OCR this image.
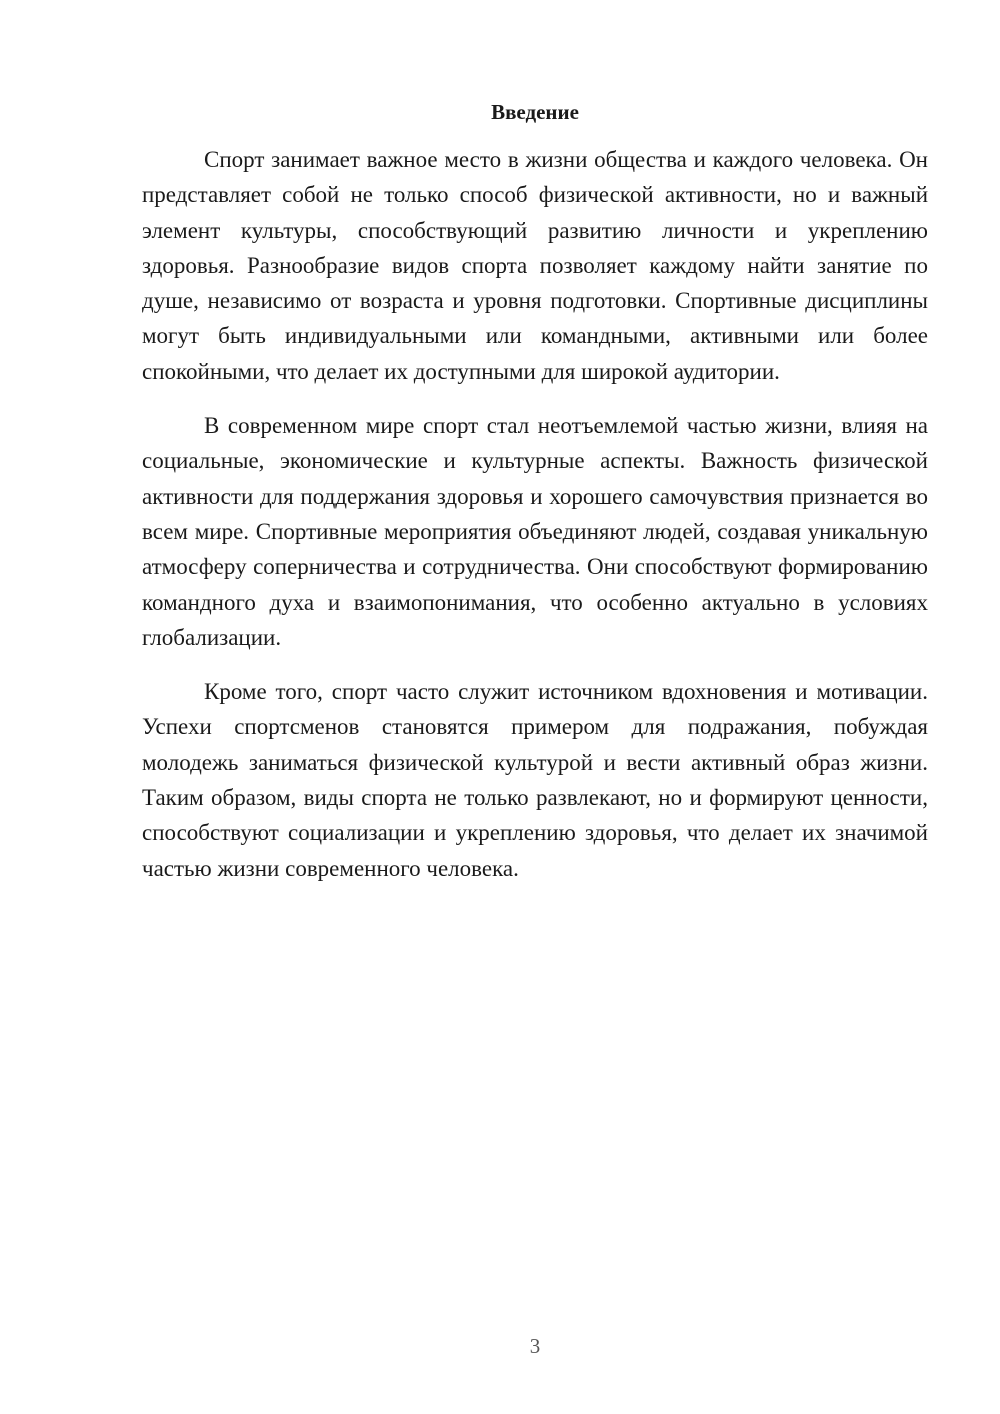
Введение

Спорт занимает важное место в жизни общества и каждого человека. Он представляет собой не только способ физической активности, но и важный элемент культуры, способствующий развитию личности и укреплению здоровья. Разнообразие видов спорта позволяет каждому найти занятие по душе, независимо от возраста и уровня подготовки. Спортивные дисциплины могут быть индивидуальными или командными, активными или более спокойными, что делает их доступными для широкой аудитории.

В современном мире спорт стал неотъемлемой частью жизни, влияя на социальные, экономические и культурные аспекты. Важность физической активности для поддержания здоровья и хорошего самочувствия признается во всем мире. Спортивные мероприятия объединяют людей, создавая уникальную атмосферу соперничества и сотрудничества. Они способствуют формированию командного духа и взаимопонимания, что особенно актуально в условиях глобализации.

Кроме того, спорт часто служит источником вдохновения и мотивации. Успехи спортсменов становятся примером для подражания, побуждая молодежь заниматься физической культурой и вести активный образ жизни. Таким образом, виды спорта не только развлекают, но и формируют ценности, способствуют социализации и укреплению здоровья, что делает их значимой частью жизни современного человека.

3
